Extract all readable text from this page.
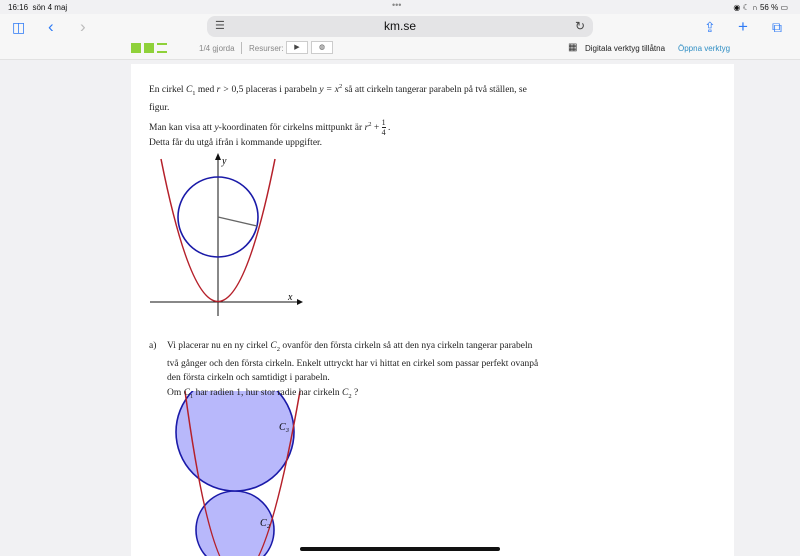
16:16 sön 4 maj	•••	◉ ☾ ∩ 56 % ▭
◫ ‹ ›	☰	km.se	↻	⇪ + ⧉
1/4 gjorda Resurser:	▶	◍	▦ Digitala verktyg tillåtna Öppna verktyg
En cirkel $C_1$ med r > 0,5 placeras i parabeln $y = x^2$ så att cirkeln tangerar parabeln på två ställen, se
figur.
Man kan visa att y-koordinaten för cirkelns mittpunkt är $r^2 + \frac{1}{4}$ .
Detta får du utgå ifrån i kommande uppgifter.
x
y
C₃
C₂
a) Vi placerar nu en ny cirkel $C_2$ ovanför den första cirkeln så att den nya cirkeln tangerar parabeln
två gånger och den första cirkeln. Enkelt uttryckt har vi hittat en cirkel som passar perfekt ovanpå
den första cirkeln och samtidigt i parabeln.
Om $C_1$ har radien 1, hur stor radie har cirkeln $C_2$ ?
